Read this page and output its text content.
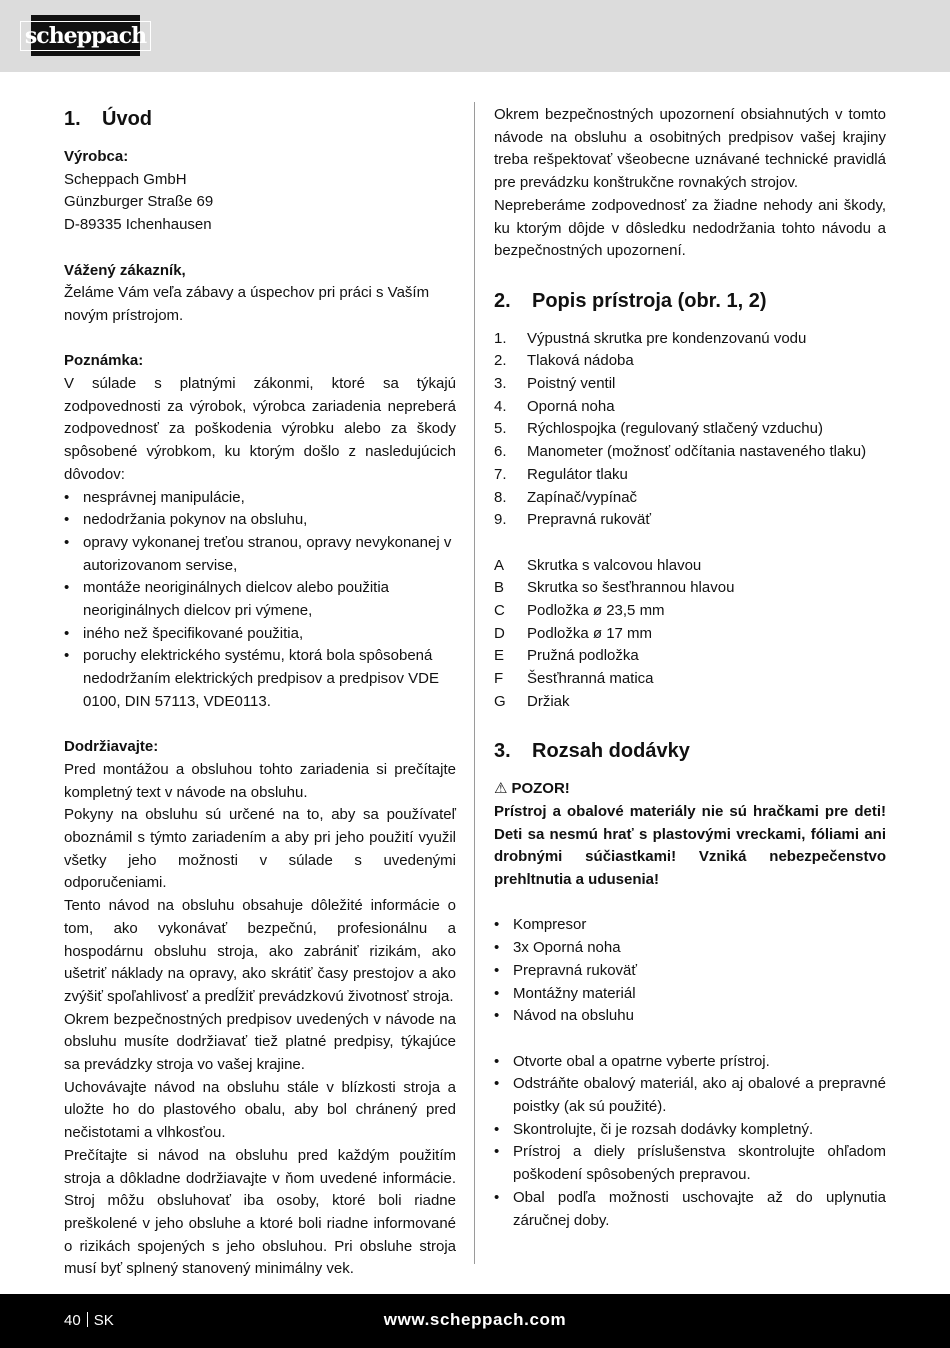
scheppach
1.	Úvod

Výrobca:

Scheppach GmbH

Günzburger Straße 69

D-89335 Ichenhausen

Vážený zákazník,

Želáme Vám veľa zábavy a úspechov pri práci s Vaším novým prístrojom.

Poznámka:

V súlade s platnými zákonmi, ktoré sa týkajú zodpovednosti za výrobok, výrobca zariadenia nepreberá zodpovednosť za poškodenia výrobku alebo za škody spôsobené výrobkom, ku ktorým došlo z nasledujúcich dôvodov:

• nesprávnej manipulácie,
• nedodržania pokynov na obsluhu,
• opravy vykonanej treťou stranou, opravy nevykonanej v autorizovanom servise,
• montáže neoriginálnych dielcov alebo použitia neoriginálnych dielcov pri výmene,
• iného než špecifikované použitia,
• poruchy elektrického systému, ktorá bola spôsobená nedodržaním elektrických predpisov a predpisov VDE 0100, DIN 57113, VDE0113.

Dodržiavajte:

Pred montážou a obsluhou tohto zariadenia si prečítajte kompletný text v návode na obsluhu.

Pokyny na obsluhu sú určené na to, aby sa používateľ oboznámil s týmto zariadením a aby pri jeho použití využil všetky jeho možnosti v súlade s uvedenými odporučeniami.

Tento návod na obsluhu obsahuje dôležité informácie o tom, ako vykonávať bezpečnú, profesionálnu a hospodárnu obsluhu stroja, ako zabrániť rizikám, ako ušetriť náklady na opravy, ako skrátiť časy prestojov a ako zvýšiť spoľahlivosť a predĺžiť prevádzkovú životnosť stroja.

Okrem bezpečnostných predpisov uvedených v návode na obsluhu musíte dodržiavať tiež platné predpisy, týkajúce sa prevádzky stroja vo vašej krajine.

Uchovávajte návod na obsluhu stále v blízkosti stroja a uložte ho do plastového obalu, aby bol chránený pred nečistotami a vlhkosťou.

Prečítajte si návod na obsluhu pred každým použitím stroja a dôkladne dodržiavajte v ňom uvedené informácie. Stroj môžu obsluhovať iba osoby, ktoré boli riadne preškolené v jeho obsluhe a ktoré boli riadne informované o rizikách spojených s jeho obsluhou. Pri obsluhe stroja musí byť splnený stanovený minimálny vek.

Okrem bezpečnostných upozornení obsiahnutých v tomto návode na obsluhu a osobitných predpisov vašej krajiny treba rešpektovať všeobecne uznávané technické pravidlá pre prevádzku konštrukčne rovnakých strojov.

Nepreberáme zodpovednosť za žiadne nehody ani škody, ku ktorým dôjde v dôsledku nedodržania tohto návodu a bezpečnostných upozornení.

2.	Popis prístroja (obr. 1, 2)
1.	Výpustná skrutka pre kondenzovanú vodu
2.	Tlaková nádoba
3.	Poistný ventil
4.	Oporná noha
5.	Rýchlospojka (regulovaný stlačený vzduchu)
6.	Manometer (možnosť odčítania nastaveného tlaku)
7.	Regulátor tlaku
8.	Zapínač/vypínač
9.	Prepravná rukoväť
A	Skrutka s valcovou hlavou
B	Skrutka so šesťhrannou hlavou
C	Podložka ø 23,5 mm
D	Podložka ø 17 mm
E	Pružná podložka
F	Šesťhranná matica
G	Držiak
3.	Rozsah dodávky

⚠ POZOR!

Prístroj a obalové materiály nie sú hračkami pre deti! Deti sa nesmú hrať s plastovými vreckami, fóliami ani drobnými súčiastkami! Vzniká nebezpečenstvo prehltnutia a udusenia!

• Kompresor
• 3x Oporná noha
• Prepravná rukoväť
• Montážny materiál
• Návod na obsluhu
• Otvorte obal a opatrne vyberte prístroj.
• Odstráňte obalový materiál, ako aj obalové a prepravné poistky (ak sú použité).
• Skontrolujte, či je rozsah dodávky kompletný.
• Prístroj a diely príslušenstva skontrolujte ohľadom poškodení spôsobených prepravou.
• Obal podľa možnosti uschovajte až do uplynutia záručnej doby.
40 SK	www.scheppach.com
